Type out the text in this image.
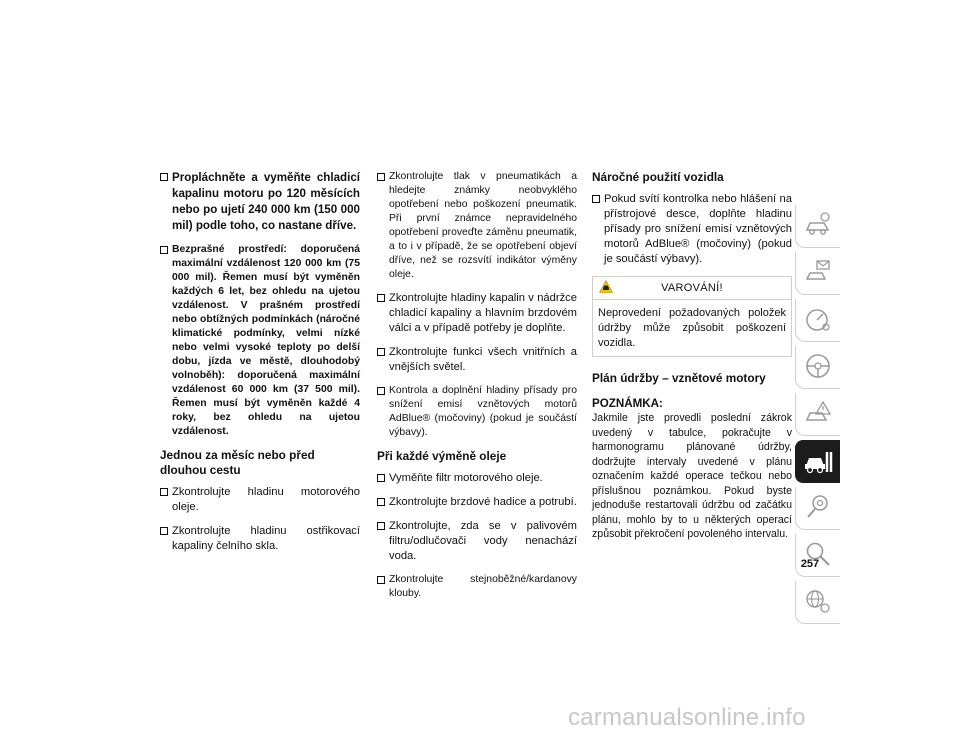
Propláchněte a vyměňte chladicí kapalinu motoru po 120 měsících nebo po ujetí 240 000 km (150 000 mil) podle toho, co nastane dříve.
Bezprašné prostředí: doporučená maximální vzdálenost 120 000 km (75 000 mil). Řemen musí být vyměněn každých 6 let, bez ohledu na ujetou vzdálenost. V prašném prostředí nebo obtížných podmínkách (náročné klimatické podmínky, velmi nízké nebo velmi vysoké teploty po delší dobu, jízda ve městě, dlouhodobý volnoběh): doporučená maximální vzdálenost 60 000 km (37 500 mil). Řemen musí být vyměněn každé 4 roky, bez ohledu na ujetou vzdálenost.
Jednou za měsíc nebo před dlouhou cestu
Zkontrolujte hladinu motorového oleje.
Zkontrolujte hladinu ostřikovací kapaliny čelního skla.
Zkontrolujte tlak v pneumatikách a hledejte známky neobvyklého opotřebení nebo poškození pneumatik. Při první známce nepravidelného opotřebení proveďte záměnu pneumatik, a to i v případě, že se opotřebení objeví dříve, než se rozsvítí indikátor výměny oleje.
Zkontrolujte hladiny kapalin v nádržce chladicí kapaliny a hlavním brzdovém válci a v případě potřeby je doplňte.
Zkontrolujte funkci všech vnitřních a vnějších světel.
Kontrola a doplnění hladiny přísady pro snížení emisí vznětových motorů AdBlue® (močoviny) (pokud je součástí výbavy).
Při každé výměně oleje
Vyměňte filtr motorového oleje.
Zkontrolujte brzdové hadice a potrubí.
Zkontrolujte, zda se v palivovém filtru/odlučovači vody nenachází voda.
Zkontrolujte stejnoběžné/kardanovy klouby.
Náročné použití vozidla
Pokud svítí kontrolka nebo hlášení na přístrojové desce, doplňte hladinu přísady pro snížení emisí vznětových motorů AdBlue® (močoviny) (pokud je součástí výbavy).
VAROVÁNÍ!
Neprovedení požadovaných položek údržby může způsobit poškození vozidla.
Plán údržby – vznětové motory
POZNÁMKA:
Jakmile jste provedli poslední zákrok uvedený v tabulce, pokračujte v harmonogramu plánované údržby, dodržujte intervaly uvedené v plánu označením každé operace tečkou nebo příslušnou poznámkou. Pokud byste jednoduše restartovali údržbu od začátku plánu, mohlo by to u některých operací způsobit překročení povoleného intervalu.
257
carmanualsonline.info
